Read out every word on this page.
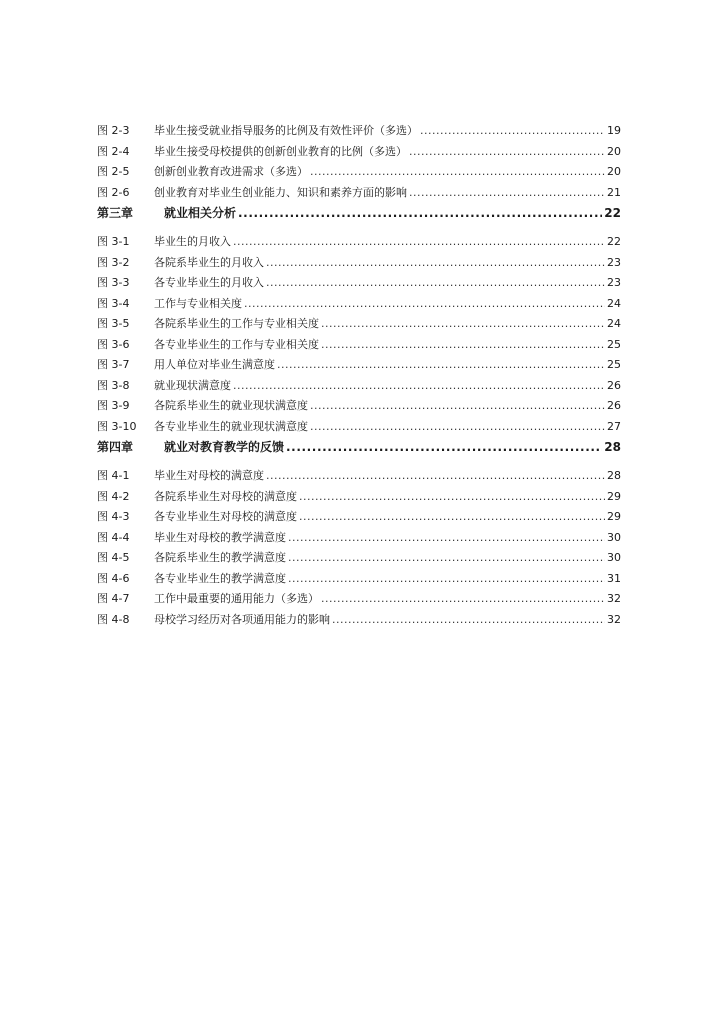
图 2-3	毕业生接受就业指导服务的比例及有效性评价（多选） .....	19
图 2-4	毕业生接受母校提供的创新创业教育的比例（多选） .....	20
图 2-5	创新创业教育改进需求（多选） .....	20
图 2-6	创业教育对毕业生创业能力、知识和素养方面的影响 .....	21
第三章	就业相关分析 .....	22
图 3-1	毕业生的月收入 .....	22
图 3-2	各院系毕业生的月收入 .....	23
图 3-3	各专业毕业生的月收入 .....	23
图 3-4	工作与专业相关度 .....	24
图 3-5	各院系毕业生的工作与专业相关度 .....	24
图 3-6	各专业毕业生的工作与专业相关度 .....	25
图 3-7	用人单位对毕业生满意度 .....	25
图 3-8	就业现状满意度 .....	26
图 3-9	各院系毕业生的就业现状满意度 .....	26
图 3-10	各专业毕业生的就业现状满意度 .....	27
第四章	就业对教育教学的反馈 .....	28
图 4-1	毕业生对母校的满意度 .....	28
图 4-2	各院系毕业生对母校的满意度 .....	29
图 4-3	各专业毕业生对母校的满意度 .....	29
图 4-4	毕业生对母校的教学满意度 .....	30
图 4-5	各院系毕业生的教学满意度 .....	30
图 4-6	各专业毕业生的教学满意度 .....	31
图 4-7	工作中最重要的通用能力（多选） .....	32
图 4-8	母校学习经历对各项通用能力的影响 .....	32
